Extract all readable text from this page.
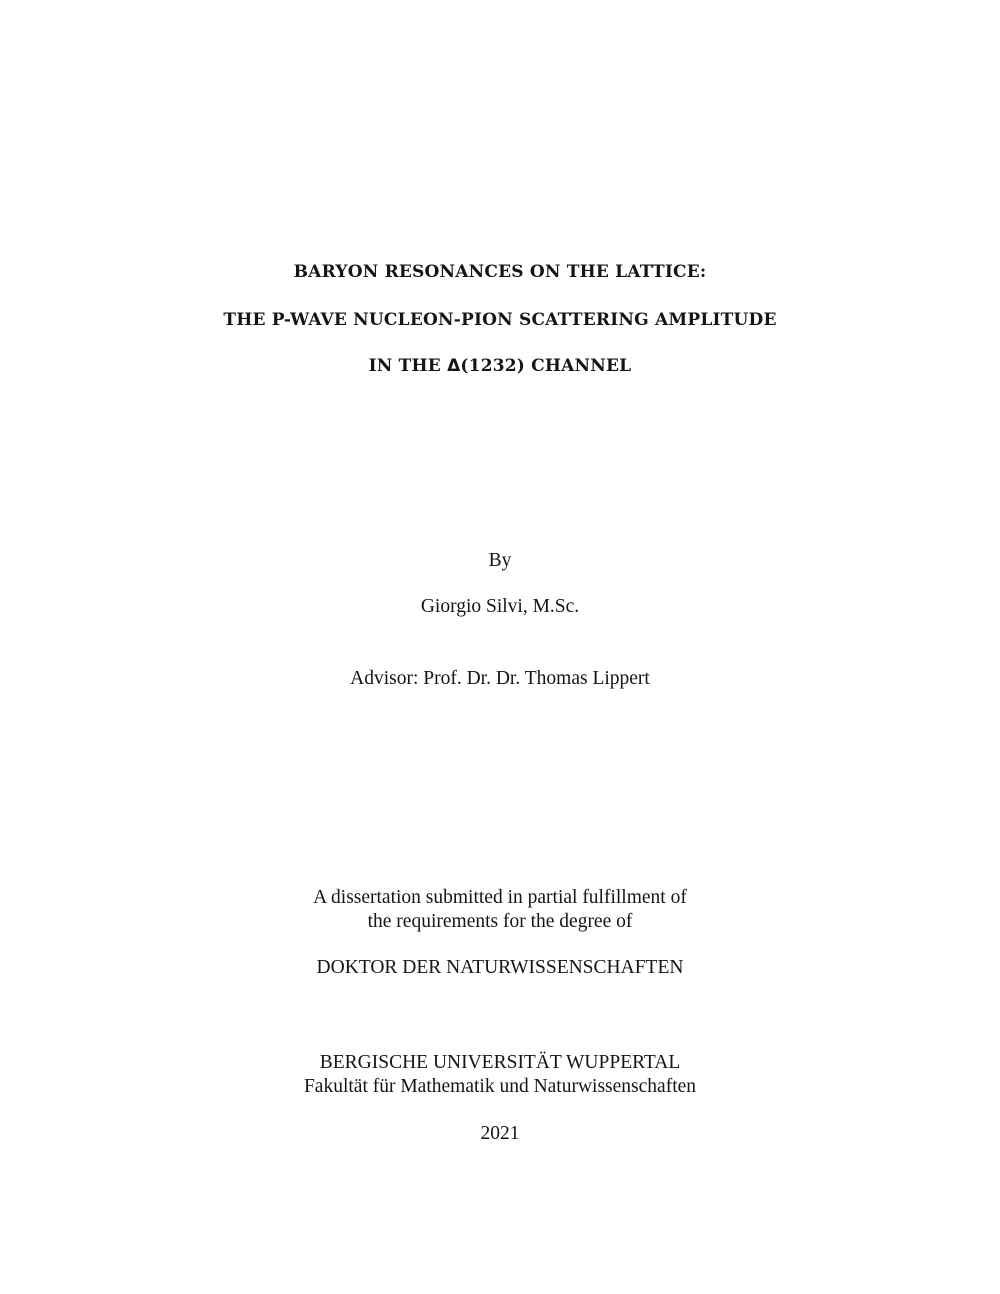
BARYON RESONANCES ON THE LATTICE:
THE P-WAVE NUCLEON-PION SCATTERING AMPLITUDE
IN THE Δ(1232) CHANNEL
By
Giorgio Silvi, M.Sc.
Advisor: Prof. Dr. Dr. Thomas Lippert
A dissertation submitted in partial fulfillment of
the requirements for the degree of
DOKTOR DER NATURWISSENSCHAFTEN
BERGISCHE UNIVERSITÄT WUPPERTAL
Fakultät für Mathematik und Naturwissenschaften
2021
